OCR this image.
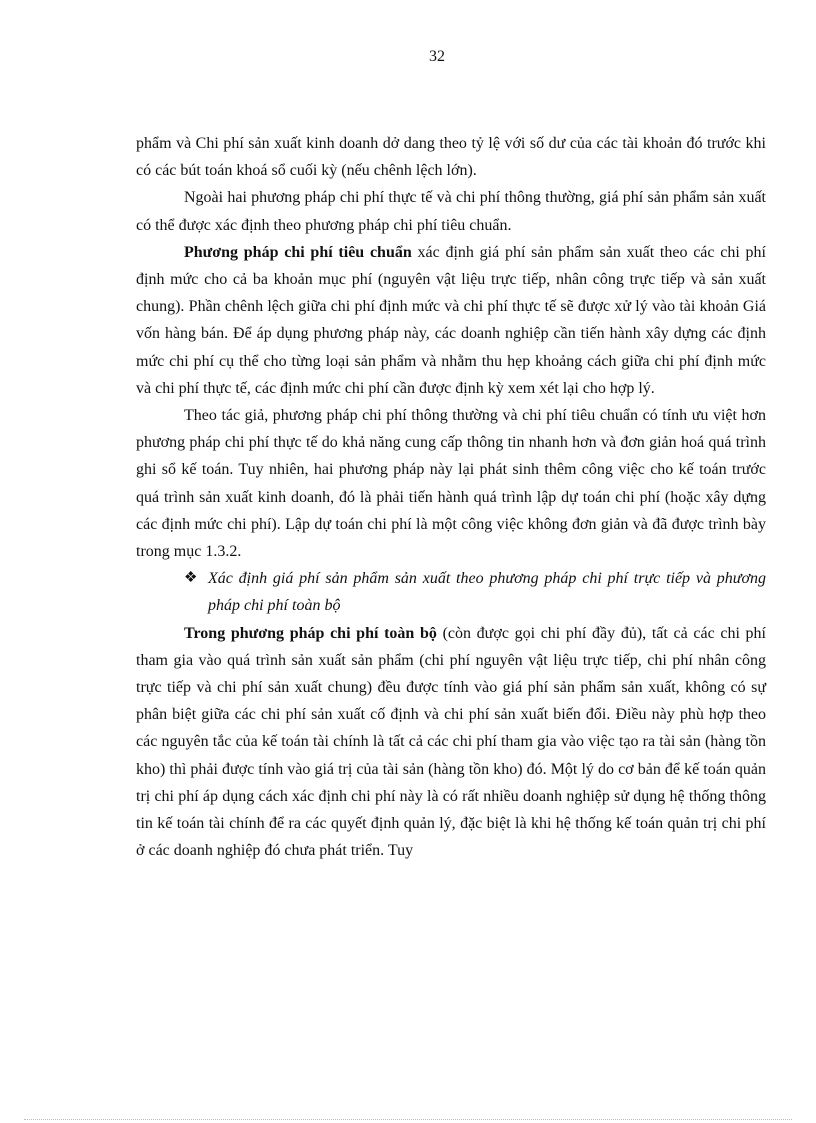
32

phẩm và Chi phí sản xuất kinh doanh dở dang theo tỷ lệ với số dư của các tài khoản đó trước khi có các bút toán khoá sổ cuối kỳ (nếu chênh lệch lớn).

Ngoài hai phương pháp chi phí thực tế và chi phí thông thường, giá phí sản phẩm sản xuất có thể được xác định theo phương pháp chi phí tiêu chuẩn.

Phương pháp chi phí tiêu chuẩn xác định giá phí sản phẩm sản xuất theo các chi phí định mức cho cả ba khoản mục phí (nguyên vật liệu trực tiếp, nhân công trực tiếp và sản xuất chung). Phần chênh lệch giữa chi phí định mức và chi phí thực tế sẽ được xử lý vào tài khoản Giá vốn hàng bán. Để áp dụng phương pháp này, các doanh nghiệp cần tiến hành xây dựng các định mức chi phí cụ thể cho từng loại sản phẩm và nhằm thu hẹp khoảng cách giữa chi phí định mức và chi phí thực tế, các định mức chi phí cần được định kỳ xem xét lại cho hợp lý.

Theo tác giả, phương pháp chi phí thông thường và chi phí tiêu chuẩn có tính ưu việt hơn phương pháp chi phí thực tế do khả năng cung cấp thông tin nhanh hơn và đơn giản hoá quá trình ghi sổ kế toán. Tuy nhiên, hai phương pháp này lại phát sinh thêm công việc cho kế toán trước quá trình sản xuất kinh doanh, đó là phải tiến hành quá trình lập dự toán chi phí (hoặc xây dựng các định mức chi phí). Lập dự toán chi phí là một công việc không đơn giản và đã được trình bày trong mục 1.3.2.

❖ Xác định giá phí sản phẩm sản xuất theo phương pháp chi phí trực tiếp và phương pháp chi phí toàn bộ

Trong phương pháp chi phí toàn bộ (còn được gọi chi phí đầy đủ), tất cả các chi phí tham gia vào quá trình sản xuất sản phẩm (chi phí nguyên vật liệu trực tiếp, chi phí nhân công trực tiếp và chi phí sản xuất chung) đều được tính vào giá phí sản phẩm sản xuất, không có sự phân biệt giữa các chi phí sản xuất cố định và chi phí sản xuất biến đổi. Điều này phù hợp theo các nguyên tắc của kế toán tài chính là tất cả các chi phí tham gia vào việc tạo ra tài sản (hàng tồn kho) thì phải được tính vào giá trị của tài sản (hàng tồn kho) đó. Một lý do cơ bản để kế toán quản trị chi phí áp dụng cách xác định chi phí này là có rất nhiều doanh nghiệp sử dụng hệ thống thông tin kế toán tài chính để ra các quyết định quản lý, đặc biệt là khi hệ thống kế toán quản trị chi phí ở các doanh nghiệp đó chưa phát triển. Tuy
